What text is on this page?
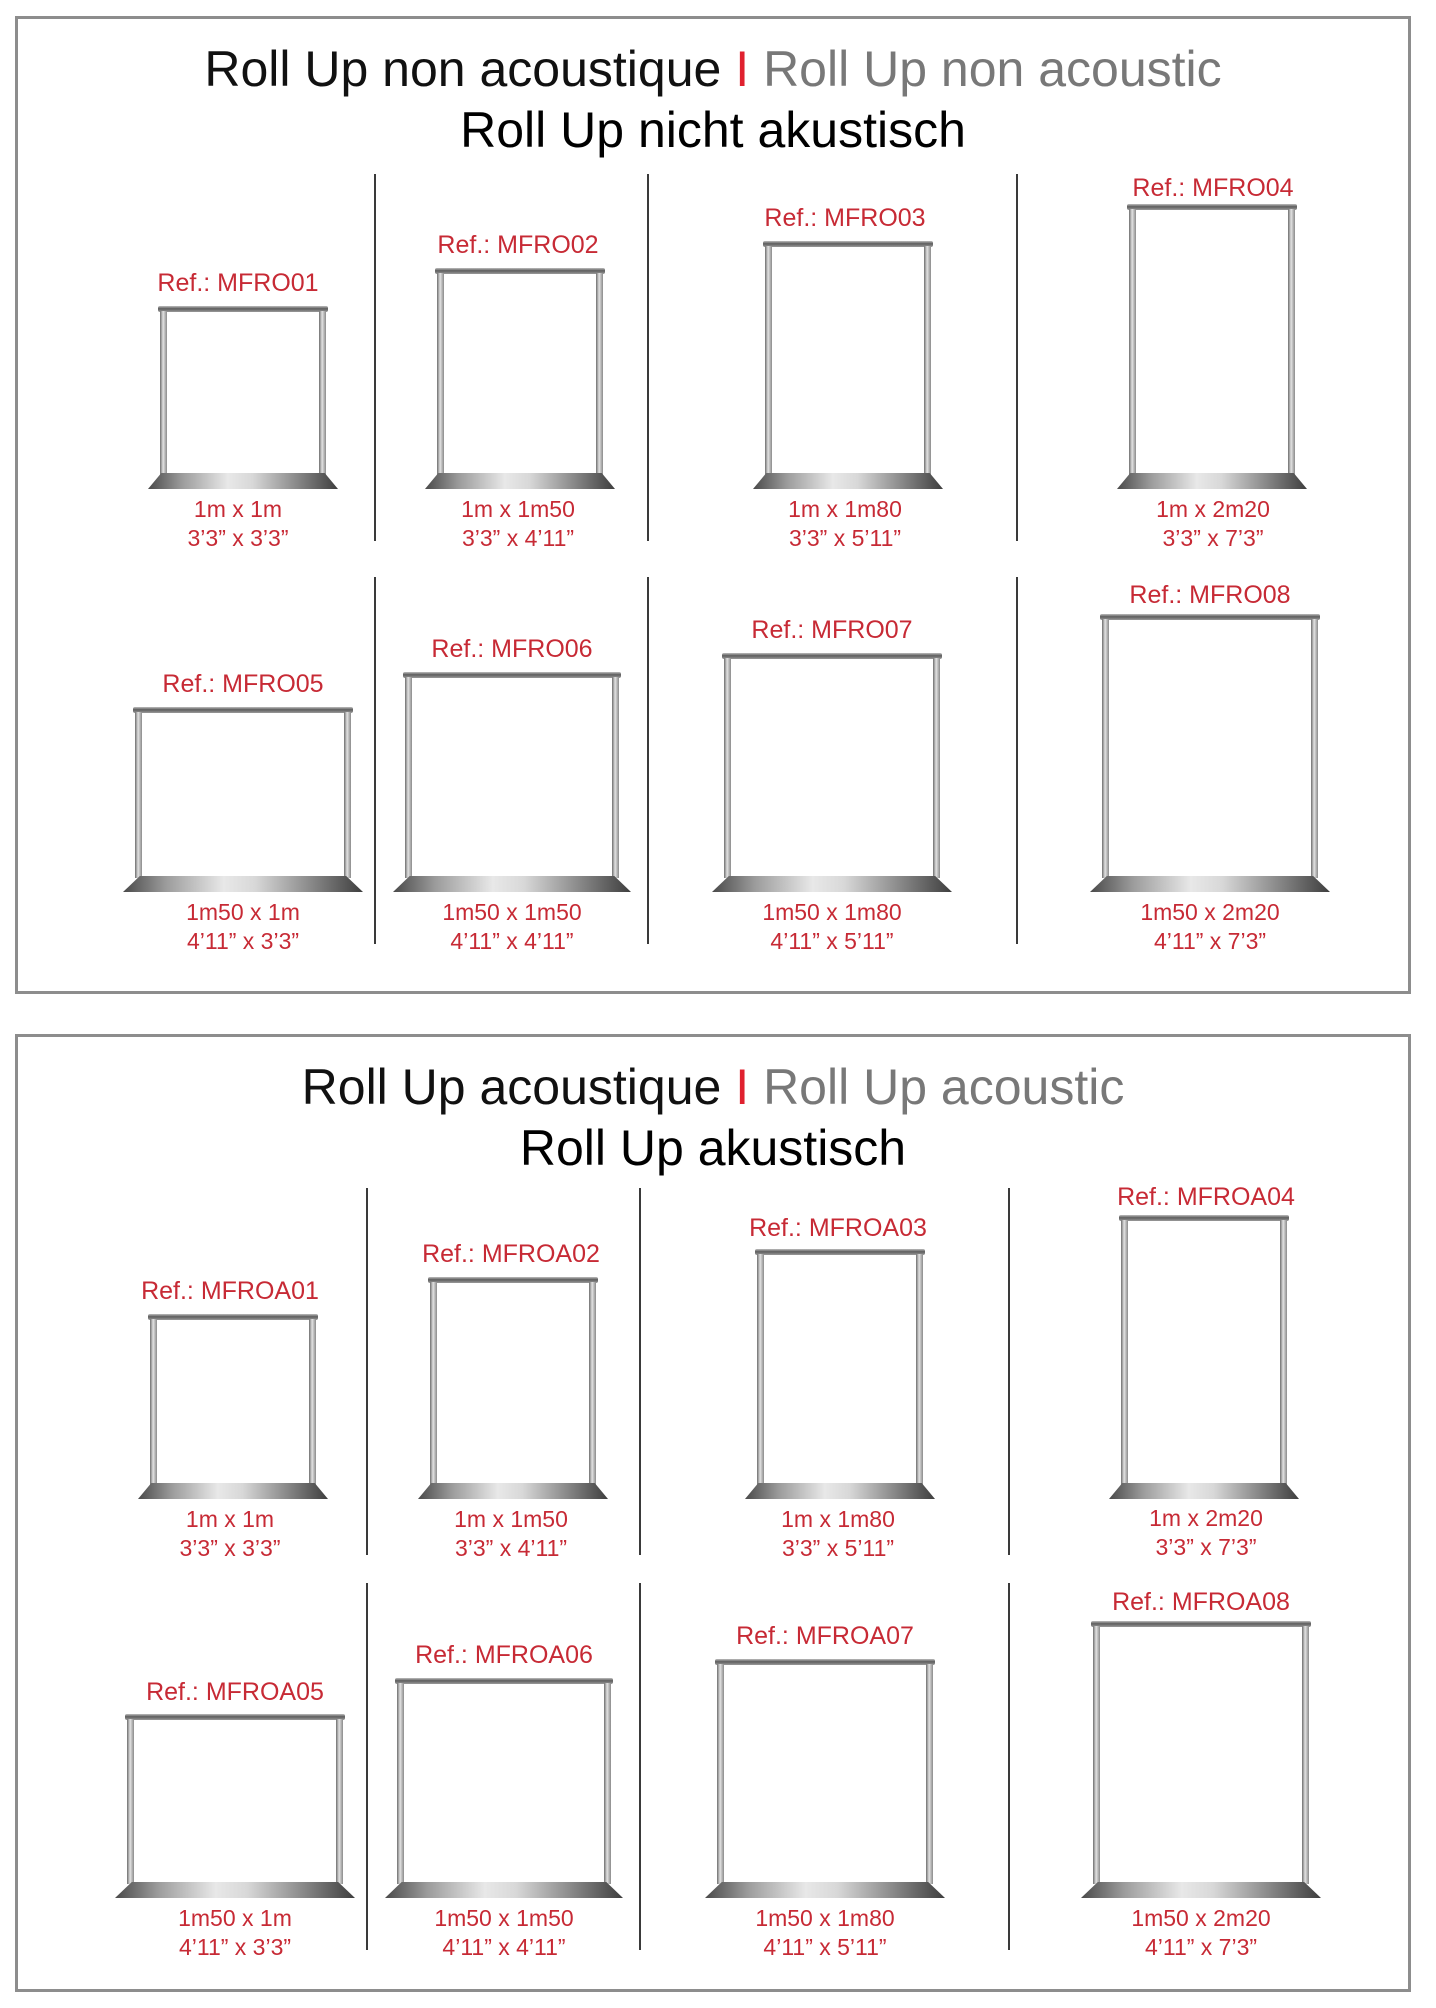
Roll Up non acoustique I Roll Up non acoustic
Roll Up nicht akustisch
Ref.: MFRO01
1m x 1m
3’3” x 3’3”
Ref.: MFRO02
1m x 1m50
3’3” x 4’11”
Ref.: MFRO03
1m x 1m80
3’3” x 5’11”
Ref.: MFRO04
1m x 2m20
3’3” x 7’3”
Ref.: MFRO05
1m50 x 1m
4’11” x 3’3”
Ref.: MFRO06
1m50 x 1m50
4’11” x 4’11”
Ref.: MFRO07
1m50 x 1m80
4’11” x 5’11”
Ref.: MFRO08
1m50 x 2m20
4’11” x 7’3”
Roll Up acoustique I Roll Up acoustic
Roll Up akustisch
Ref.: MFROA01
1m x 1m
3’3” x 3’3”
Ref.: MFROA02
1m x 1m50
3’3” x 4’11”
Ref.: MFROA03
1m x 1m80
3’3” x 5’11”
Ref.: MFROA04
1m x 2m20
3’3” x 7’3”
Ref.: MFROA05
1m50 x 1m
4’11” x 3’3”
Ref.: MFROA06
1m50 x 1m50
4’11” x 4’11”
Ref.: MFROA07
1m50 x 1m80
4’11” x 5’11”
Ref.: MFROA08
1m50 x 2m20
4’11” x 7’3”
